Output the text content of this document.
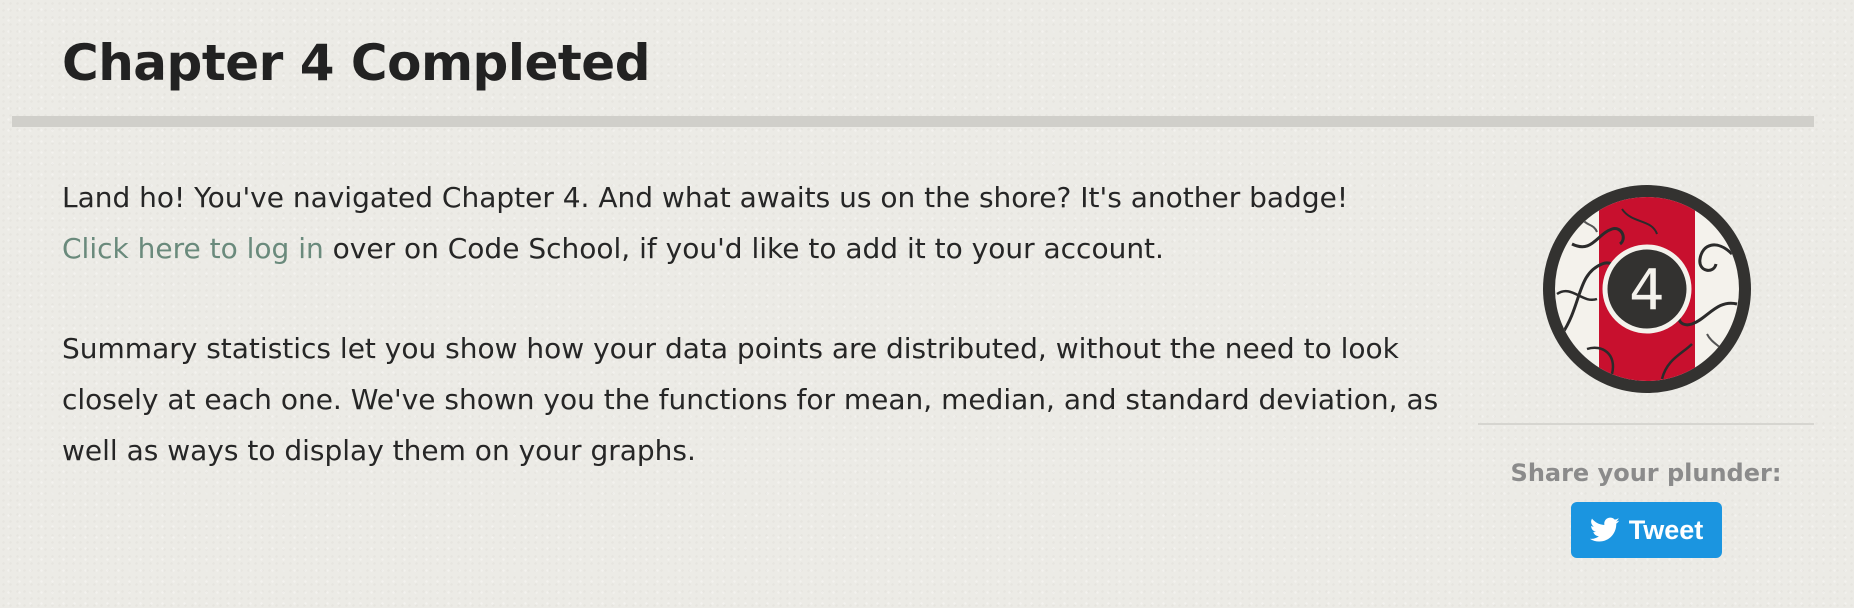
Chapter 4 Completed

Land ho! You've navigated Chapter 4. And what awaits us on the shore? It's another badge!
Click here to log in over on Code School, if you'd like to add it to your account.

Summary statistics let you show how your data points are distributed, without the need to look closely at each one. We've shown you the functions for mean, median, and standard deviation, as well as ways to display them on your graphs.

4
Share your plunder:
Tweet
